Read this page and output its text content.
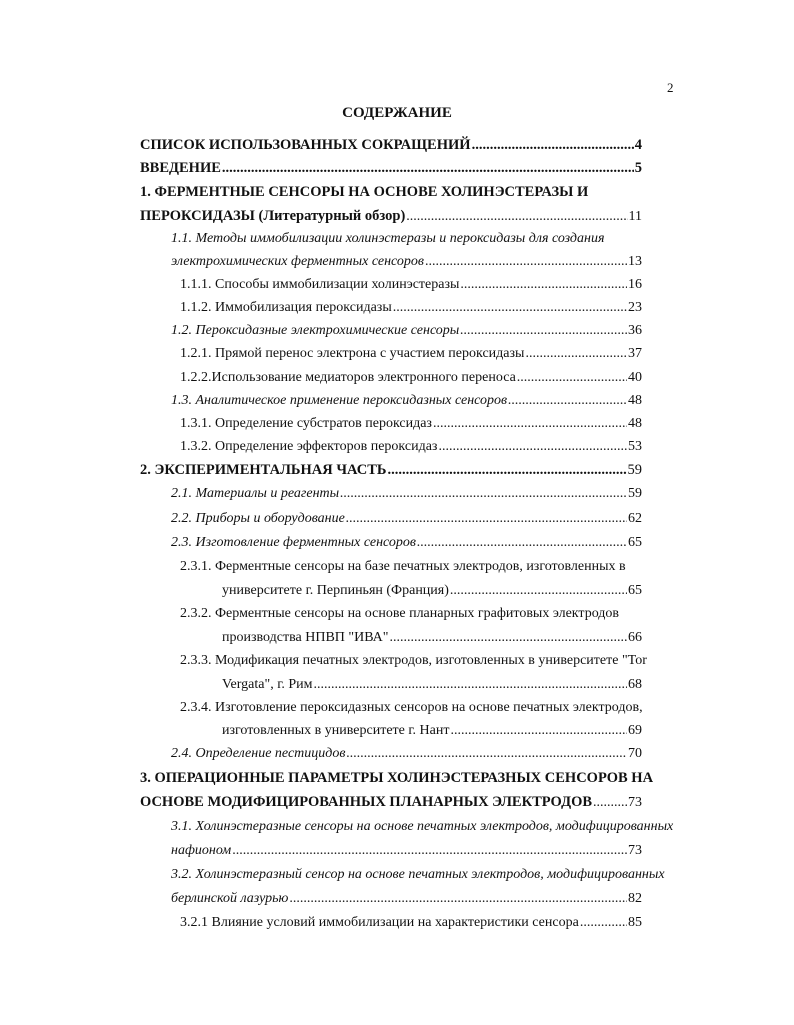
2
СОДЕРЖАНИЕ
СПИСОК ИСПОЛЬЗОВАННЫХ СОКРАЩЕНИЙ .....	4
ВВЕДЕНИЕ .....	5
1. ФЕРМЕНТНЫЕ СЕНСОРЫ НА ОСНОВЕ ХОЛИНЭСТЕРАЗЫ И
ПЕРОКСИДАЗЫ (Литературный обзор) .....	11
1.1. Методы иммобилизации холинэстеразы и пероксидазы для создания
электрохимических ферментных сенсоров .....	13
1.1.1. Способы иммобилизации холинэстеразы .....	16
1.1.2. Иммобилизация пероксидазы .....	23
1.2. Пероксидазные электрохимические сенсоры .....	36
1.2.1. Прямой перенос электрона с участием пероксидазы .....	37
1.2.2.Использование медиаторов электронного переноса .....	40
1.3. Аналитическое применение пероксидазных сенсоров .....	48
1.3.1. Определение субстратов пероксидаз .....	48
1.3.2. Определение эффекторов пероксидаз .....	53
2. ЭКСПЕРИМЕНТАЛЬНАЯ ЧАСТЬ .....	59
2.1. Материалы и реагенты .....	59
2.2. Приборы и оборудование .....	62
2.3. Изготовление ферментных сенсоров .....	65
2.3.1. Ферментные сенсоры на базе печатных электродов, изготовленных в
университете г. Перпиньян (Франция) .....	65
2.3.2. Ферментные сенсоры на основе планарных графитовых электродов
производства НПВП "ИВА" .....	66
2.3.3. Модификация печатных электродов, изготовленных в университете "Tor
Vergata", г. Рим .....	68
2.3.4. Изготовление пероксидазных сенсоров на основе печатных электродов,
изготовленных в университете г. Нант .....	69
2.4. Определение пестицидов .....	70
3. ОПЕРАЦИОННЫЕ ПАРАМЕТРЫ ХОЛИНЭСТЕРАЗНЫХ СЕНСОРОВ НА
ОСНОВЕ МОДИФИЦИРОВАННЫХ ПЛАНАРНЫХ ЭЛЕКТРОДОВ .....	73
3.1. Холинэстеразные сенсоры на основе печатных электродов, модифицированных
нафионом .....	73
3.2. Холинэстеразный сенсор на основе печатных электродов, модифицированных
берлинской лазурью .....	82
3.2.1 Влияние условий иммобилизации на характеристики сенсора .....	85
